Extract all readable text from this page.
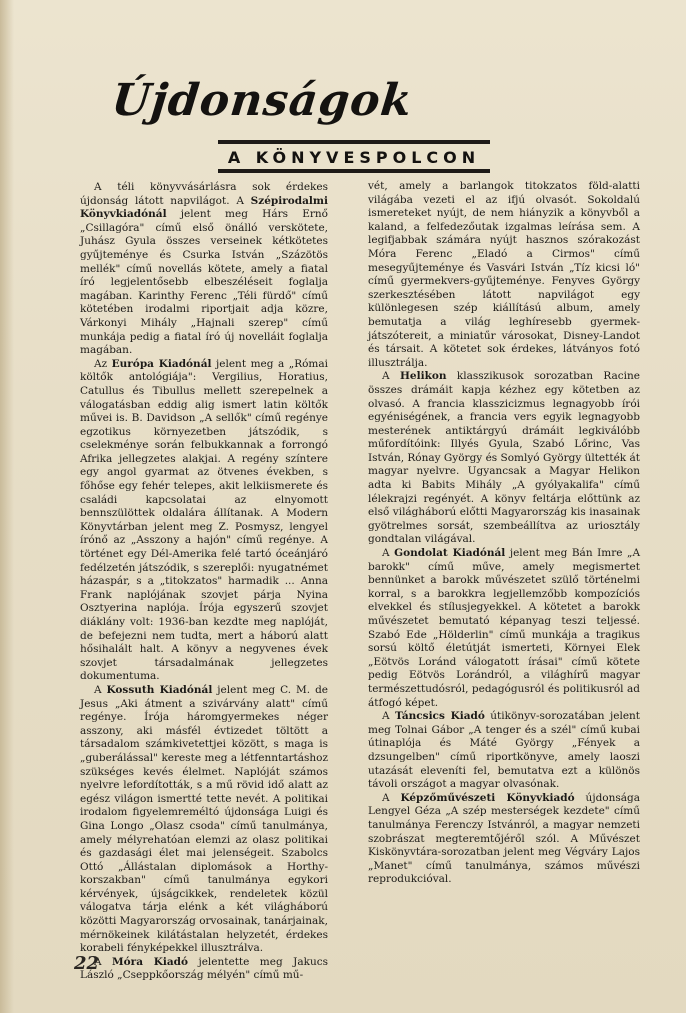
Újdonságok
A KÖNYVESPOLCON

A téli könyvvásárlásra sok érdekes újdonság látott napvilágot. A Szépirodalmi Könyvkiadónál jelent meg Hárs Ernő „Csillagóra" című első önálló verskötete, Juhász Gyula összes verseinek kétkötetes gyűjteménye és Csurka István „Százötös mellék" című novellás kötete, amely a fiatal író legjelentősebb elbeszéléseit foglalja magában. Karinthy Ferenc „Téli fürdő" című kötetében irodalmi riportjait adja közre, Várkonyi Mihály „Hajnali szerep" című munkája pedig a fiatal író új novelláit foglalja magában.

Az Európa Kiadónál jelent meg a „Római költők antológiája": Vergilius, Horatius, Catullus és Tibullus mellett szerepelnek a válogatásban eddig alig ismert latin költők művei is. B. Davidson „A sellők" című regénye egzotikus környezetben játszódik, s cselekménye során felbukkannak a forrongó Afrika jellegzetes alakjai. A regény színtere egy angol gyarmat az ötvenes években, s főhőse egy fehér telepes, akit lelkiismerete és családi kapcsolatai az elnyomott bennszülöttek oldalára állítanak. A Modern Könyvtárban jelent meg Z. Posmysz, lengyel írónő az „Asszony a hajón" című regénye. A történet egy Dél-Amerika felé tartó óceánjáró fedélzetén játszódik, s szereplői: nyugatnémet házaspár, s a „titokzatos" harmadik ... Anna Frank naplójának szovjet párja Nyina Osztyerina naplója. Írója egyszerű szovjet diáklány volt: 1936-ban kezdte meg naplóját, de befejezni nem tudta, mert a háború alatt hősihalált halt. A könyv a negyvenes évek szovjet társadalmának jellegzetes dokumentuma.

A Kossuth Kiadónál jelent meg C. M. de Jesus „Aki átment a szivárvány alatt" című regénye. Írója háromgyermekes néger asszony, aki másfél évtizedet töltött a társadalom számkivetettjei között, s maga is „guberálással" kereste meg a létfenntartáshoz szükséges kevés élelmet. Naplóját számos nyelvre lefordították, s a mű rövid idő alatt az egész világon ismertté tette nevét. A politikai irodalom figyelemreméltó újdonsága Luigi és Gina Longo „Olasz csoda" című tanulmánya, amely mélyrehatóan elemzi az olasz politikai és gazdasági élet mai jelenségeit. Szabolcs Ottó „Állástalan diplomások a Horthy-korszakban" című tanulmánya egykori kérvények, újságcikkek, rendeletek közül válogatva tárja elénk a két világháború közötti Magyarország orvosainak, tanárjainak, mérnökeinek kilátástalan helyzetét, érdekes korabeli fényképekkel illusztrálva.

A Móra Kiadó jelentette meg Jakucs László „Cseppkőország mélyén" című mű-

vét, amely a barlangok titokzatos föld-alatti világába vezeti el az ifjú olvasót. Sokoldalú ismereteket nyújt, de nem hiányzik a könyvből a kaland, a felfedezőutak izgalmas leírása sem. A legifjabbak számára nyújt hasznos szórakozást Móra Ferenc „Eladó a Cirmos" című mesegyűjteménye és Vasvári István „Tíz kicsi ló" című gyermekvers-gyűjteménye. Fenyves György szerkesztésében látott napvilágot egy különlegesen szép kiállítású album, amely bemutatja a világ leghíresebb gyermek-játszótereit, a miniatűr városokat, Disney-Landot és társait. A kötetet sok érdekes, látványos fotó illusztrálja.

A Helikon klasszikusok sorozatban Racine összes drámáit kapja kézhez egy kötetben az olvasó. A francia klasszicizmus legnagyobb írói egyéniségének, a francia vers egyik legnagyobb mesterének antiktárgyú drámáit legkiválóbb műfordítóink: Illyés Gyula, Szabó Lőrinc, Vas István, Rónay György és Somlyó György ültették át magyar nyelvre. Ugyancsak a Magyar Helikon adta ki Babits Mihály „A gyólyakalifa" című lélekrajzi regényét. A könyv feltárja előttünk az első világháború előtti Magyarország kis inasainak gyötrelmes sorsát, szembeállítva az uriosztály gondtalan világával.

A Gondolat Kiadónál jelent meg Bán Imre „A barokk" című műve, amely megismertet bennünket a barokk művészetet szülő történelmi korral, s a barokkra legjellemzőbb kompozíciós elvekkel és stílusjegyekkel. A kötetet a barokk művészetet bemutató képanyag teszi teljessé. Szabó Ede „Hölderlin" című munkája a tragikus sorsú költő életútját ismerteti, Környei Elek „Eötvös Loránd válogatott írásai" című kötete pedig Eötvös Lorándról, a világhírű magyar természettudósról, pedagógusról és politikusról ad átfogó képet.

A Táncsics Kiadó útikönyv-sorozatában jelent meg Tolnai Gábor „A tenger és a szél" című kubai útinaplója és Máté György „Fények a dzsungelben" című riportkönyve, amely laoszi utazását eleveníti fel, bemutatva ezt a különös távoli országot a magyar olvasónak.

A Képzőművészeti Könyvkiadó újdonsága Lengyel Géza „A szép mesterségek kezdete" című tanulmánya Ferenczy Istvánról, a magyar nemzeti szobrászat megteremtőjéről szól. A Művészet Kiskönyvtára-sorozatban jelent meg Végváry Lajos „Manet" című tanulmánya, számos művészi reprodukcióval.

22
